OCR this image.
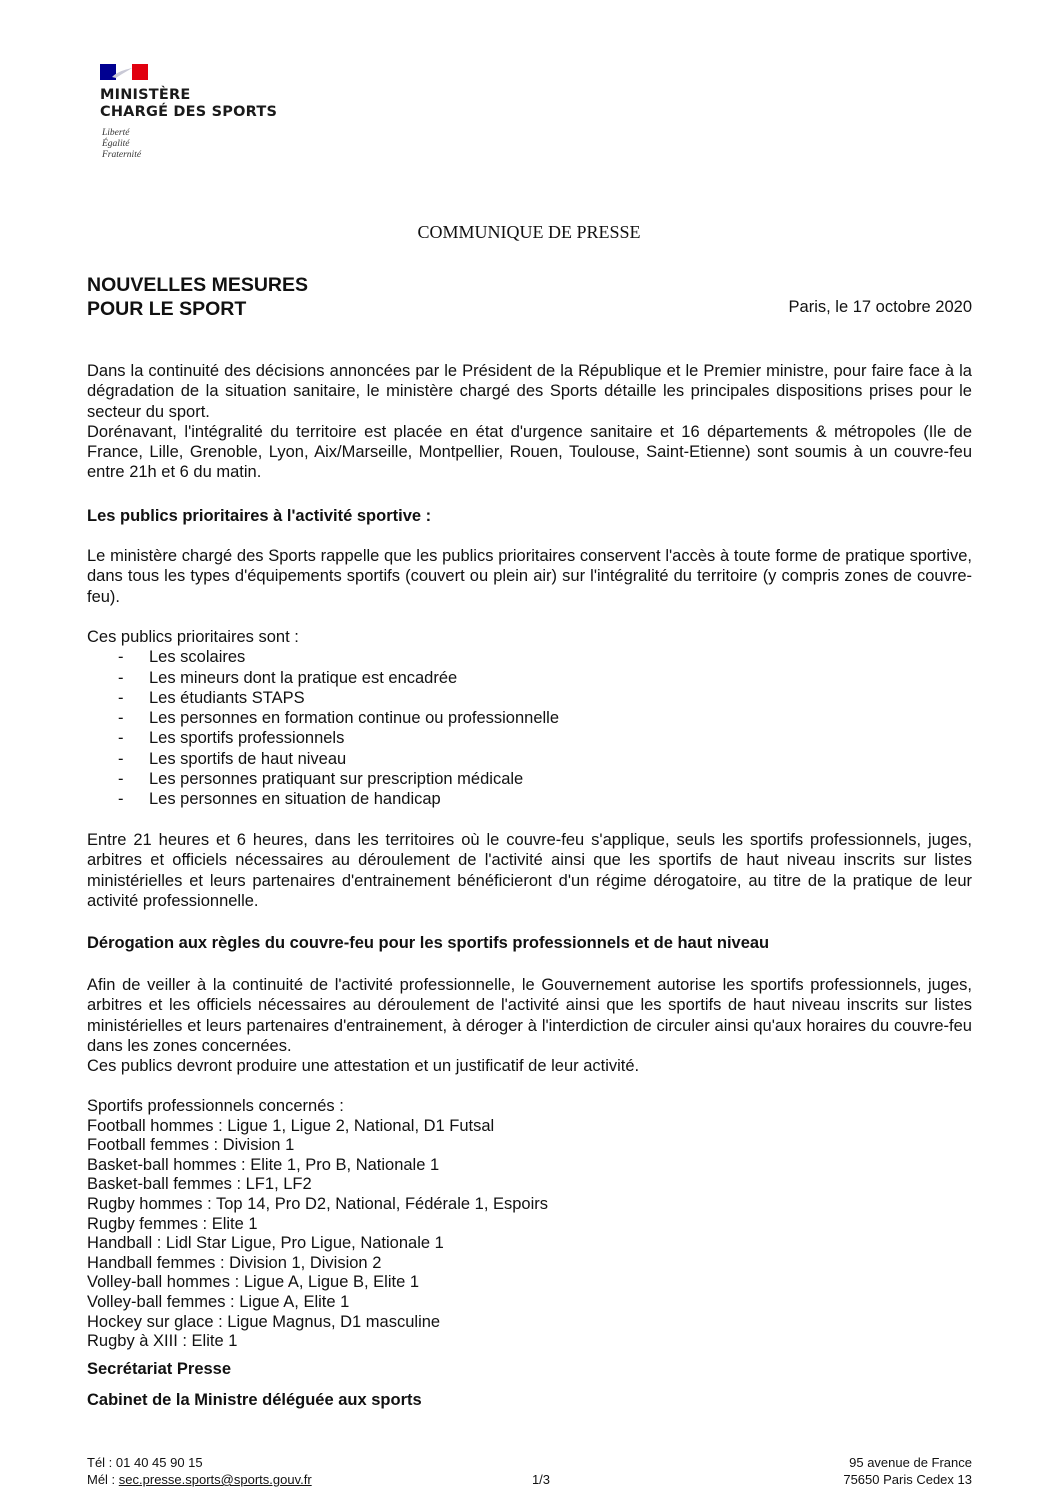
MINISTÈRE
CHARGÉ DES SPORTS
Liberté
Égalité
Fraternité
COMMUNIQUE DE PRESSE
NOUVELLES MESURES
POUR LE SPORT	Paris, le 17 octobre 2020

Dans la continuité des décisions annoncées par le Président de la République et le Premier ministre, pour faire face à la dégradation de la situation sanitaire, le ministère chargé des Sports détaille les principales dispositions prises pour le secteur du sport.

Dorénavant, l'intégralité du territoire est placée en état d'urgence sanitaire et 16 départements & métropoles (Ile de France, Lille, Grenoble, Lyon, Aix/Marseille, Montpellier, Rouen, Toulouse, Saint-Etienne) sont soumis à un couvre-feu entre 21h et 6 du matin.

Les publics prioritaires à l'activité sportive :
Le ministère chargé des Sports rappelle que les publics prioritaires conservent l'accès à toute forme de pratique sportive, dans tous les types d'équipements sportifs (couvert ou plein air) sur l'intégralité du territoire (y compris zones de couvre-feu).

Ces publics prioritaires sont :

- Les scolaires
- Les mineurs dont la pratique est encadrée
- Les étudiants STAPS
- Les personnes en formation continue ou professionnelle
- Les sportifs professionnels
- Les sportifs de haut niveau
- Les personnes pratiquant sur prescription médicale
- Les personnes en situation de handicap
Entre 21 heures et 6 heures, dans les territoires où le couvre-feu s'applique, seuls les sportifs professionnels, juges, arbitres et officiels nécessaires au déroulement de l'activité ainsi que les sportifs de haut niveau inscrits sur listes ministérielles et leurs partenaires d'entrainement bénéficieront d'un régime dérogatoire, au titre de la pratique de leur activité professionnelle.
Dérogation aux règles du couvre-feu pour les sportifs professionnels et de haut niveau

Afin de veiller à la continuité de l'activité professionnelle, le Gouvernement autorise les sportifs professionnels, juges, arbitres et les officiels nécessaires au déroulement de l'activité ainsi que les sportifs de haut niveau inscrits sur listes ministérielles et leurs partenaires d'entrainement, à déroger à l'interdiction de circuler ainsi qu'aux horaires du couvre-feu dans les zones concernées.

Ces publics devront produire une attestation et un justificatif de leur activité.

Sportifs professionnels concernés :

Football hommes : Ligue 1, Ligue 2, National, D1 Futsal

Football femmes : Division 1

Basket-ball hommes : Elite 1, Pro B, Nationale 1

Basket-ball femmes : LF1, LF2

Rugby hommes : Top 14, Pro D2, National, Fédérale 1, Espoirs

Rugby femmes : Elite 1

Handball : Lidl Star Ligue, Pro Ligue, Nationale 1

Handball femmes : Division 1, Division 2

Volley-ball hommes : Ligue A, Ligue B, Elite 1

Volley-ball femmes : Ligue A, Elite 1

Hockey sur glace : Ligue Magnus, D1 masculine

Rugby à XIII : Elite 1

Secrétariat Presse
Cabinet de la Ministre déléguée aux sports
Tél : 01 40 45 90 15
Mél : sec.presse.sports@sports.gouv.fr	1/3
95 avenue de France
75650 Paris Cedex 13
